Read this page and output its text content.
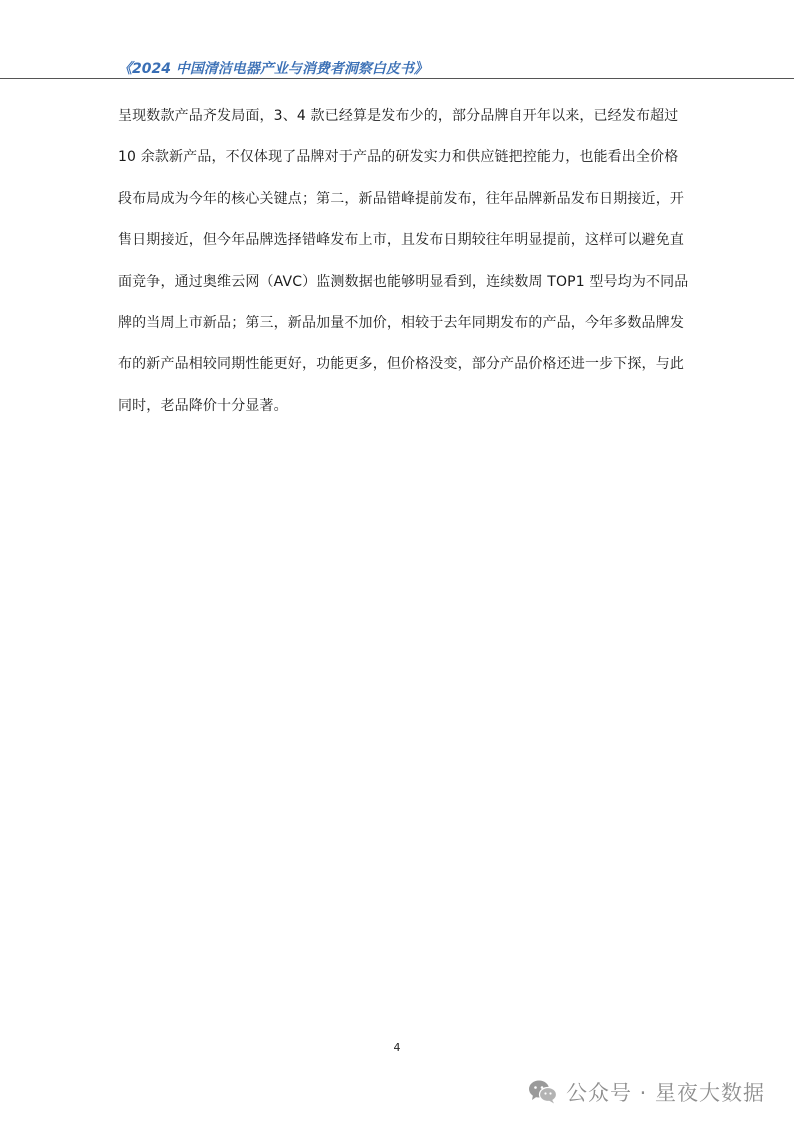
《2024 中国清洁电器产业与消费者洞察白皮书》
呈现数款产品齐发局面，3、4 款已经算是发布少的，部分品牌自开年以来，已经发布超过
10 余款新产品，不仅体现了品牌对于产品的研发实力和供应链把控能力，也能看出全价格
段布局成为今年的核心关键点；第二，新品错峰提前发布，往年品牌新品发布日期接近，开
售日期接近，但今年品牌选择错峰发布上市，且发布日期较往年明显提前，这样可以避免直
面竞争，通过奥维云网（AVC）监测数据也能够明显看到，连续数周 TOP1 型号均为不同品
牌的当周上市新品；第三，新品加量不加价，相较于去年同期发布的产品，今年多数品牌发
布的新产品相较同期性能更好，功能更多，但价格没变，部分产品价格还进一步下探，与此
同时，老品降价十分显著。
4
公众号 · 星夜大数据
